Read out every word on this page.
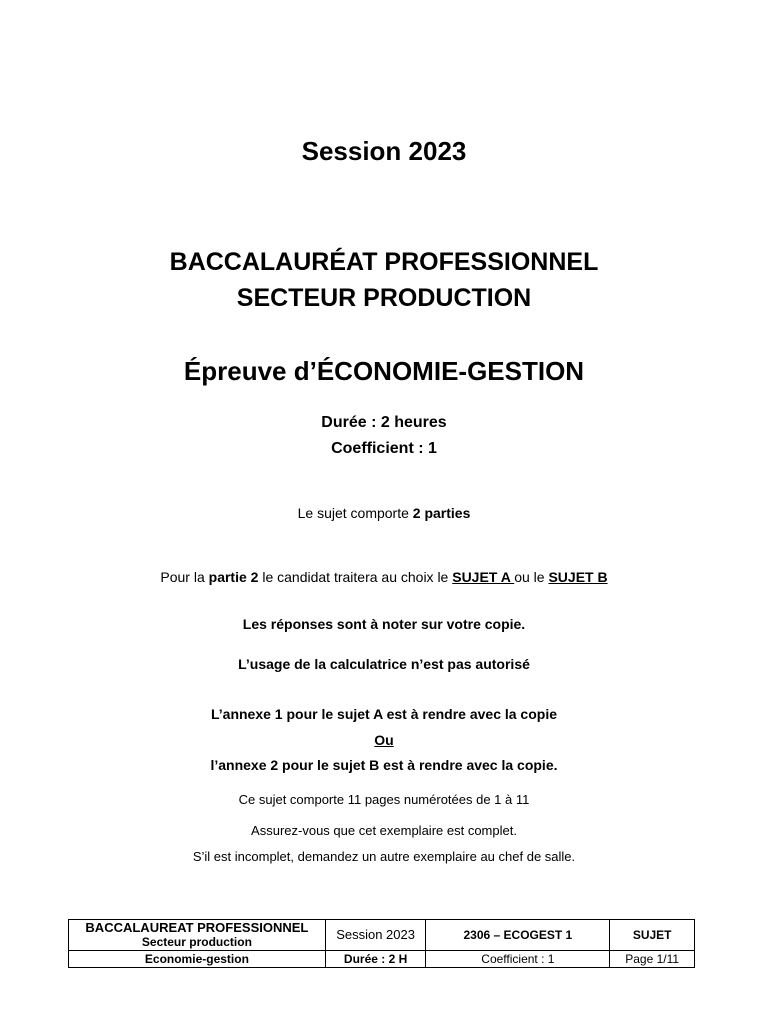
Session 2023
BACCALAURÉAT PROFESSIONNEL
SECTEUR PRODUCTION
Épreuve d’ÉCONOMIE-GESTION
Durée : 2 heures
Coefficient : 1
Le sujet comporte 2 parties
Pour la partie 2 le candidat traitera au choix le SUJET A ou le SUJET B
Les réponses sont à noter sur votre copie.
L’usage de la calculatrice n’est pas autorisé
L’annexe 1 pour le sujet A est à rendre avec la copie
Ou
l’annexe 2 pour le sujet B est à rendre avec la copie.
Ce sujet comporte 11 pages numérotées de 1 à 11
Assurez-vous que cet exemplaire est complet.
S’il est incomplet, demandez un autre exemplaire au chef de salle.
BACCALAUREAT PROFESSIONNEL
Secteur production	Session 2023	2306 – ECOGEST 1	SUJET
Economie-gestion	Durée : 2 H	Coefficient : 1	Page 1/11
